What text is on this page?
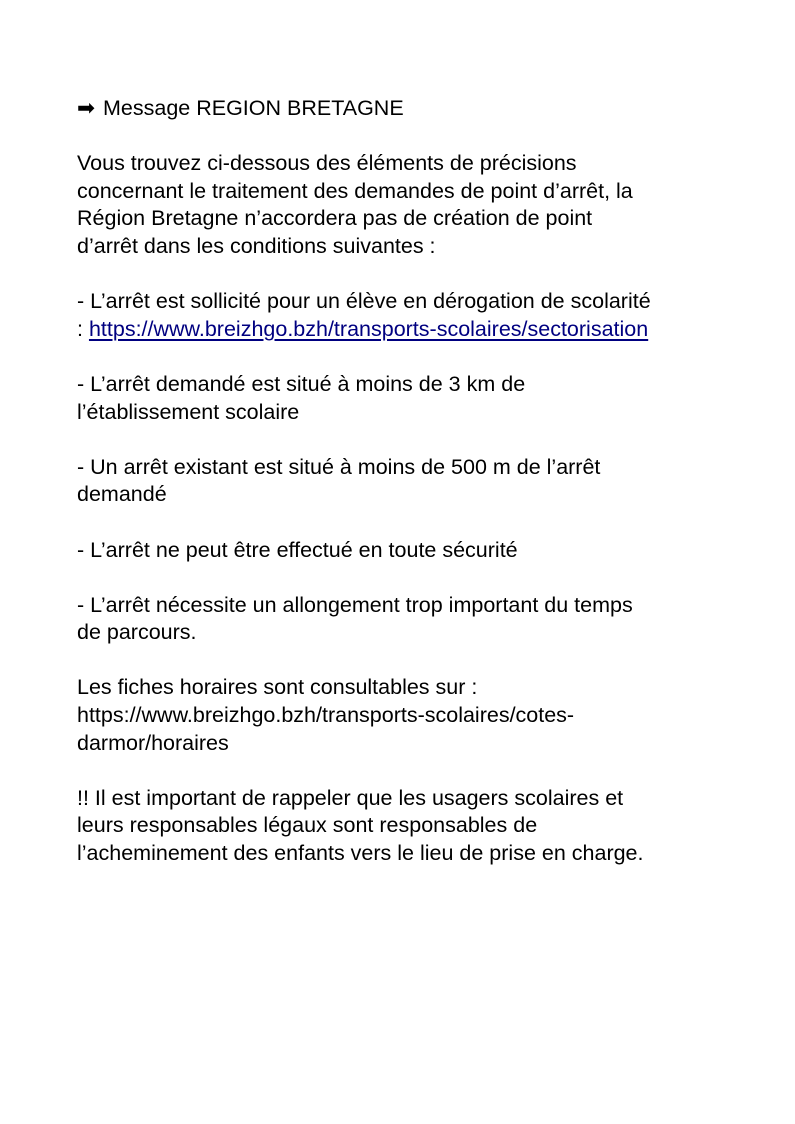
➡ Message REGION BRETAGNE

Vous trouvez ci-dessous des éléments de précisions
concernant le traitement des demandes de point d’arrêt, la
Région Bretagne n’accordera pas de création de point
d’arrêt dans les conditions suivantes :

- L’arrêt est sollicité pour un élève en dérogation de scolarité
: https://www.breizhgo.bzh/transports-scolaires/sectorisation

- L’arrêt demandé est situé à moins de 3 km de
l’établissement scolaire

- Un arrêt existant est situé à moins de 500 m de l’arrêt
demandé

- L’arrêt ne peut être effectué en toute sécurité

- L’arrêt nécessite un allongement trop important du temps
de parcours.

Les fiches horaires sont consultables sur :
https://www.breizhgo.bzh/transports-scolaires/cotes-
darmor/horaires

!! Il est important de rappeler que les usagers scolaires et
leurs responsables légaux sont responsables de
l’acheminement des enfants vers le lieu de prise en charge.
